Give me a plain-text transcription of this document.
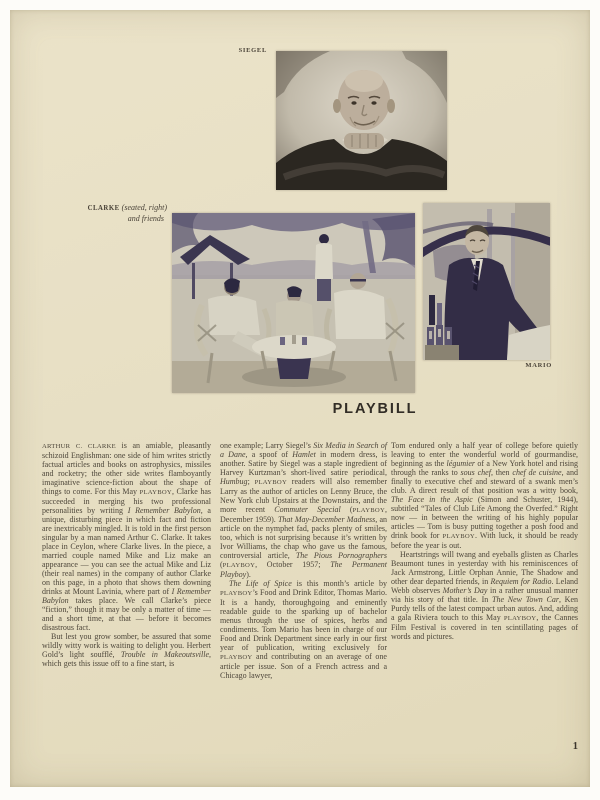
SIEGEL
CLARKE (seated, right)
and friends
MARIO
PLAYBILL

ARTHUR C. CLARKE is an amiable, pleasantly schizoid Englishman: one side of him writes strictly factual articles and books on astrophysics, missiles and rocketry; the other side writes flamboyantly imaginative science-fiction about the shape of things to come. For this May PLAYBOY, Clarke has succeeded in merging his two professional personalities by writing I Remember Babylon, a unique, disturbing piece in which fact and fiction are inextricably mingled. It is told in the first person singular by a man named Arthur C. Clarke. It takes place in Ceylon, where Clarke lives. In the piece, a married couple named Mike and Liz make an appearance — you can see the actual Mike and Liz (their real names) in the company of author Clarke on this page, in a photo that shows them downing drinks at Mount Lavinia, where part of I Remember Babylon takes place. We call Clarke’s piece “fiction,” though it may be only a matter of time — and a short time, at that — before it becomes disastrous fact.

But lest you grow somber, be assured that some wildly witty work is waiting to delight you. Herbert Gold’s light soufflé, Trouble in Makeoutsville, which gets this issue off to a fine start, is

one example; Larry Siegel’s Six Media in Search of a Dane, a spoof of Hamlet in modern dress, is another. Satire by Siegel was a staple ingredient of Harvey Kurtzman’s short-lived satire periodical, Humbug; PLAYBOY readers will also remember Larry as the author of articles on Lenny Bruce, the New York club Upstairs at the Downstairs, and the more recent Commuter Special (PLAYBOY, December 1959). That May-December Madness, an article on the nymphet fad, packs plenty of smiles, too, which is not surprising because it’s written by Ivor Williams, the chap who gave us the famous, controversial article, The Pious Pornographers (PLAYBOY, October 1957; The Permanent Playboy).

The Life of Spice is this month’s article by PLAYBOY’s Food and Drink Editor, Thomas Mario. It is a handy, thoroughgoing and eminently readable guide to the sparking up of bachelor menus through the use of spices, herbs and condiments. Tom Mario has been in charge of our Food and Drink Department since early in our first year of publication, writing exclusively for PLAYBOY and contributing on an average of one article per issue. Son of a French actress and a Chicago lawyer,

Tom endured only a half year of college before quietly leaving to enter the wonderful world of gourmandise, beginning as the légumier of a New York hotel and rising through the ranks to sous chef, then chef de cuisine, and finally to executive chef and steward of a swank men’s club. A direct result of that position was a witty book, The Face in the Aspic (Simon and Schuster, 1944), subtitled “Tales of Club Life Among the Overfed.” Right now — in between the writing of his highly popular articles — Tom is busy putting together a posh food and drink book for PLAYBOY. With luck, it should be ready before the year is out.

Heartstrings will twang and eyeballs glisten as Charles Beaumont tunes in yesterday with his reminiscences of Jack Armstrong, Little Orphan Annie, The Shadow and other dear departed friends, in Requiem for Radio. Leland Webb observes Mother’s Day in a rather unusual manner via his story of that title. In The New Town Car, Ken Purdy tells of the latest compact urban autos. And, adding a gala Riviera touch to this May PLAYBOY, the Cannes Film Festival is covered in ten scintillating pages of words and pictures.

1
